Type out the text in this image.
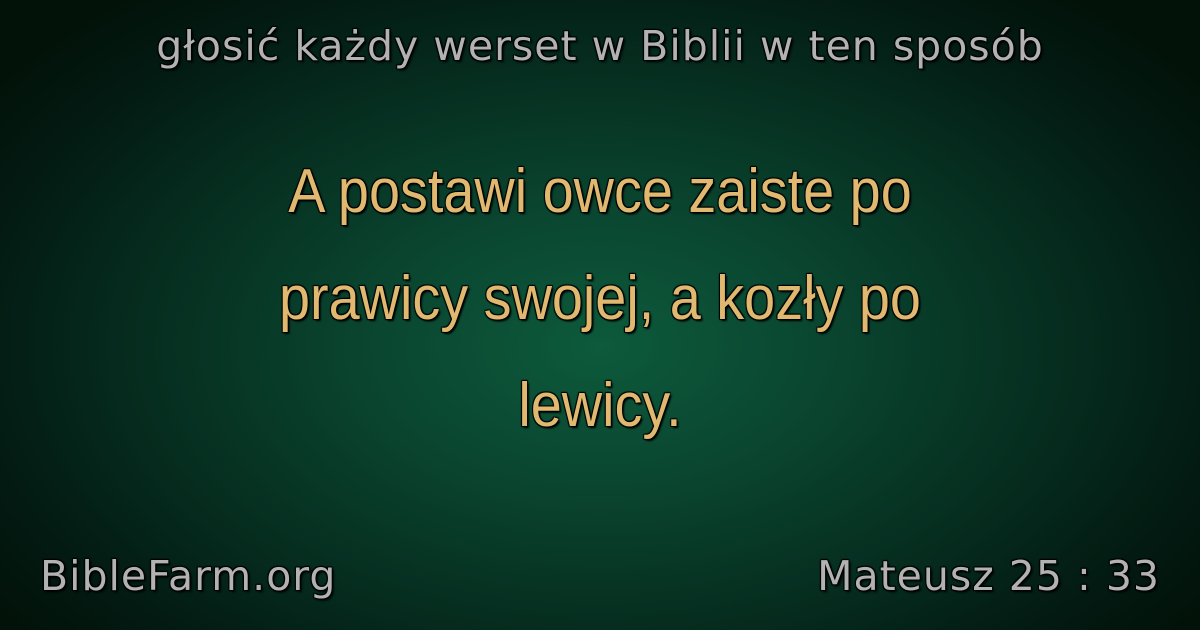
głosić każdy werset w Biblii w ten sposób
A postawi owce zaiste po prawicy swojej, a kozły po lewicy.
BibleFarm.org	Mateusz 25 : 33
